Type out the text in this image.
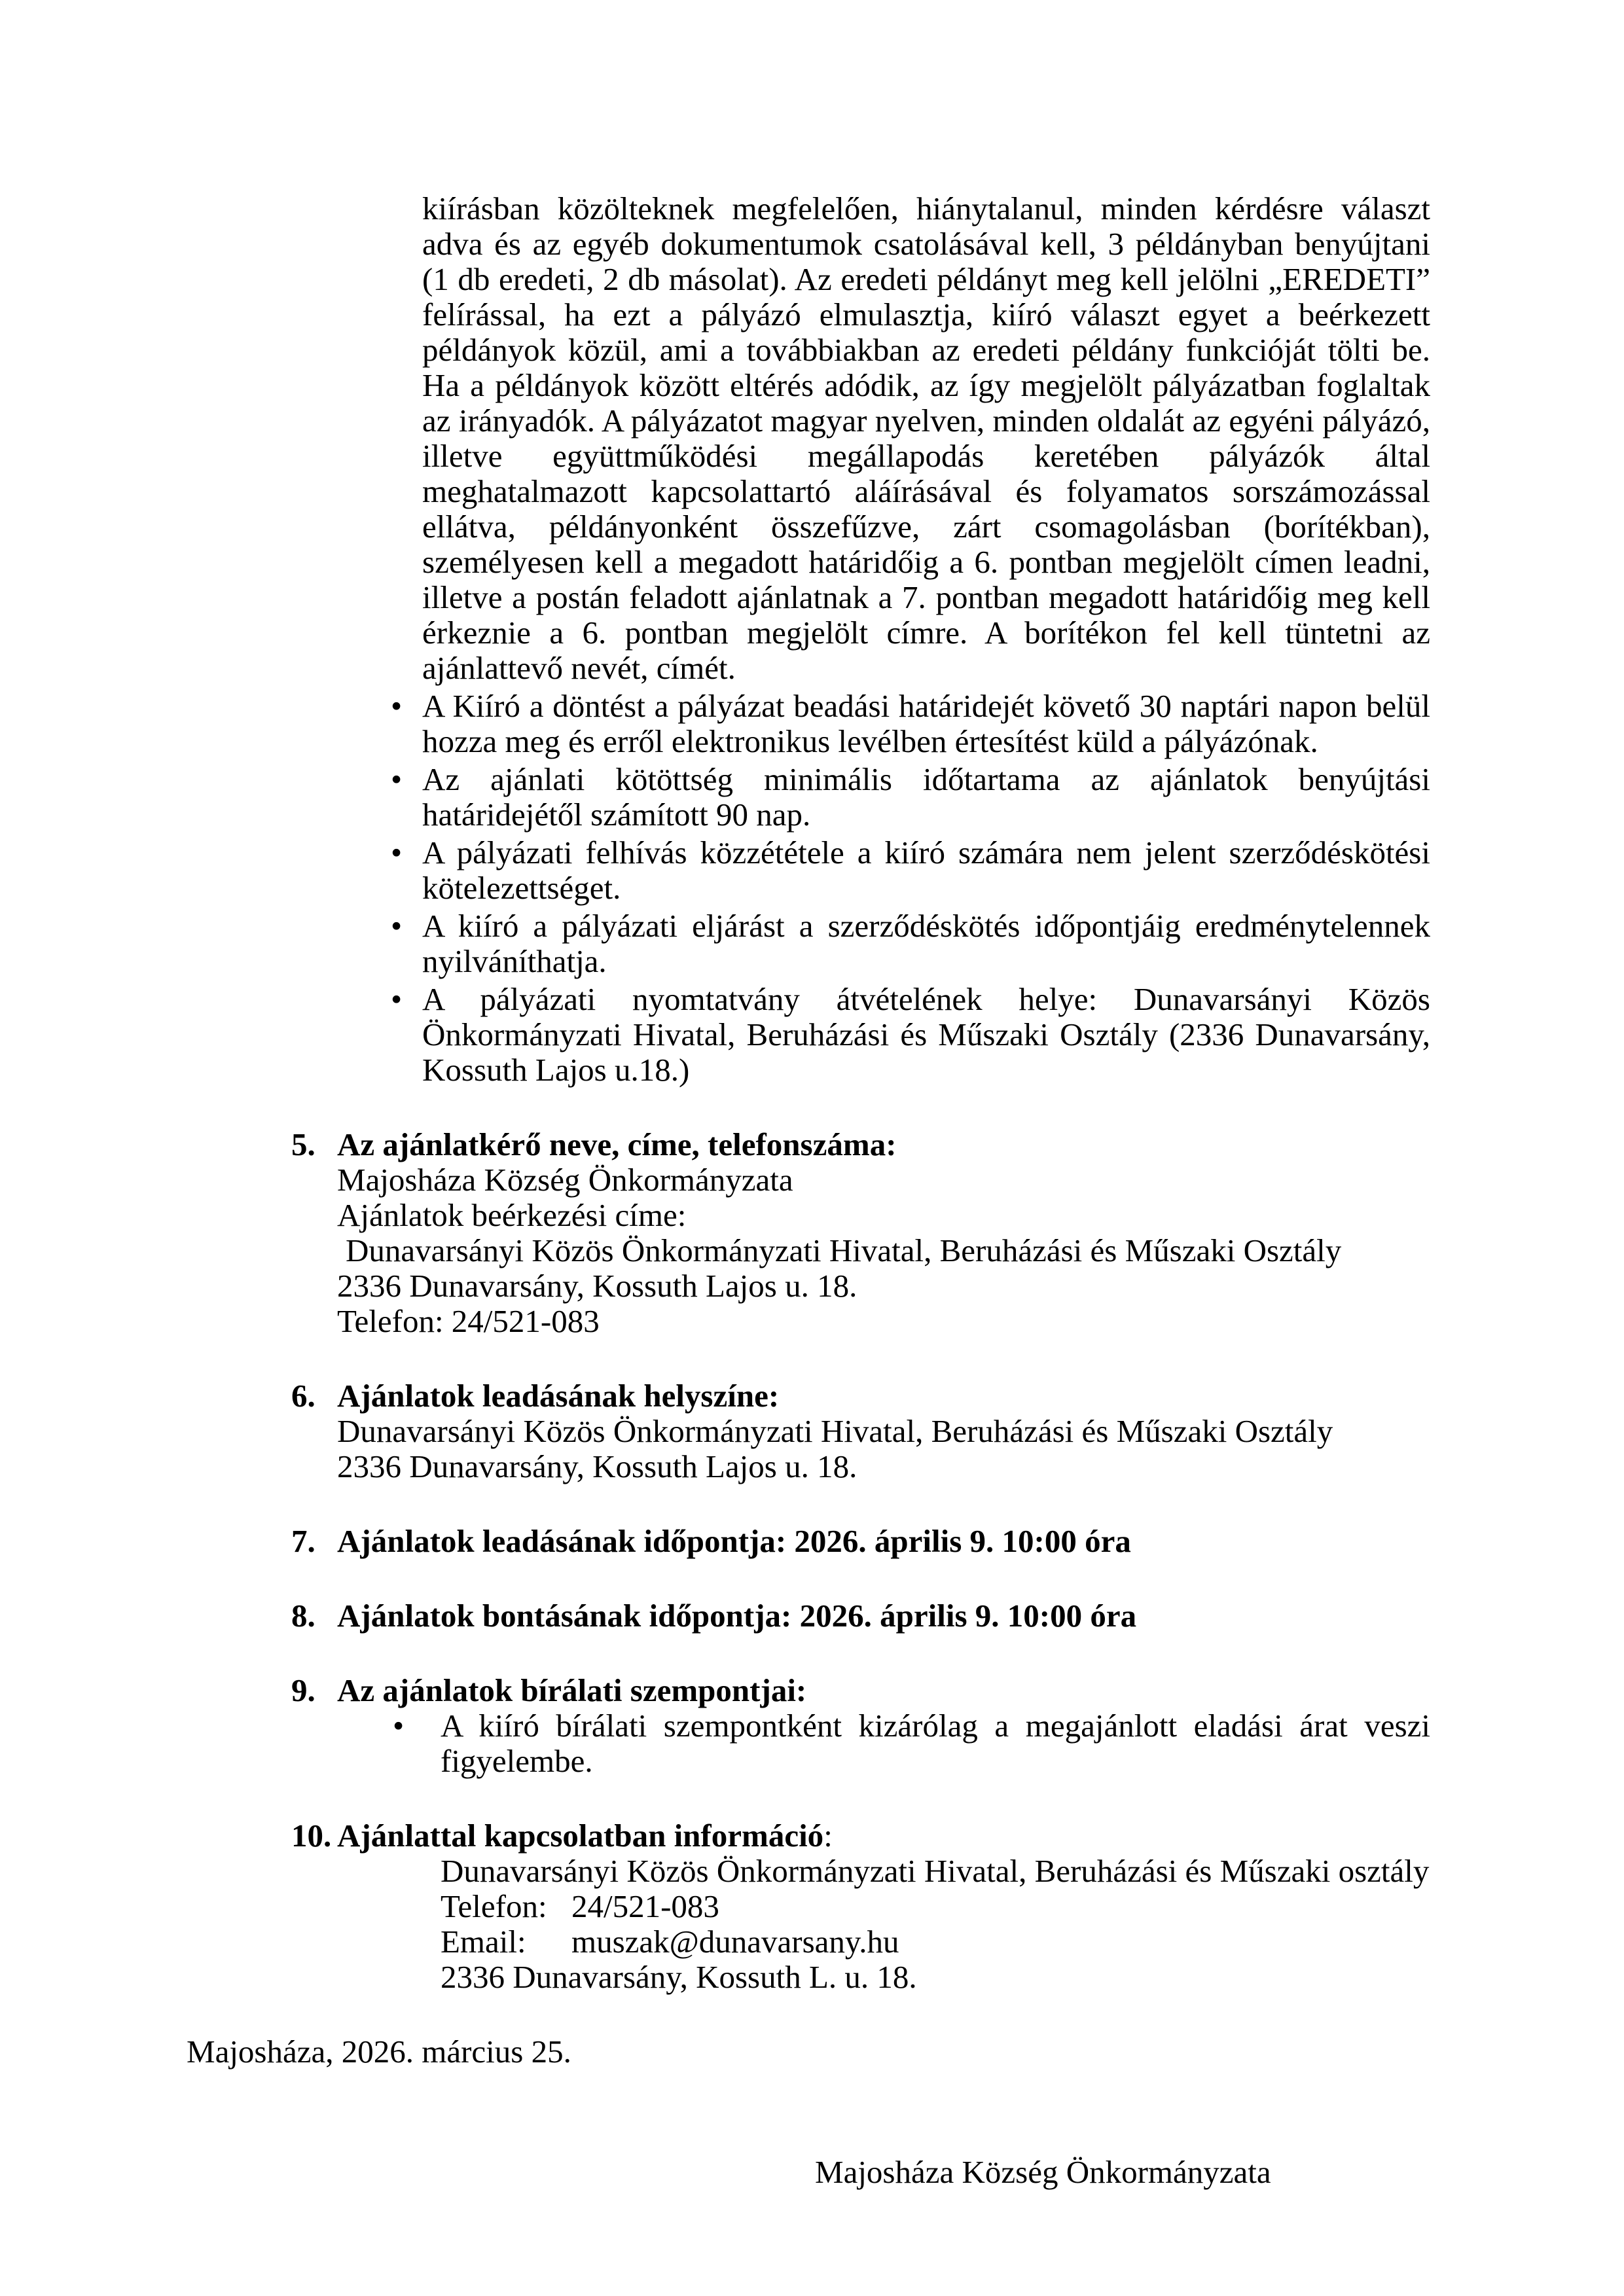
kiírásban közölteknek megfelelően, hiánytalanul, minden kérdésre választ adva és az egyéb dokumentumok csatolásával kell, 3 példányban benyújtani (1 db eredeti, 2 db másolat). Az eredeti példányt meg kell jelölni „EREDETI” felírással, ha ezt a pályázó elmulasztja, kiíró választ egyet a beérkezett példányok közül, ami a továbbiakban az eredeti példány funkcióját tölti be. Ha a példányok között eltérés adódik, az így megjelölt pályázatban foglaltak az irányadók. A pályázatot magyar nyelven, minden oldalát az egyéni pályázó, illetve együttműködési megállapodás keretében pályázók által meghatalmazott kapcsolattartó aláírásával és folyamatos sorszámozással ellátva, példányonként összefűzve, zárt csomagolásban (borítékban), személyesen kell a megadott határidőig a 6. pontban megjelölt címen leadni, illetve a postán feladott ajánlatnak a 7. pontban megadott határidőig meg kell érkeznie a 6. pontban megjelölt címre. A borítékon fel kell tüntetni az ajánlattevő nevét, címét.
• A Kiíró a döntést a pályázat beadási határidejét követő 30 naptári napon belül hozza meg és erről elektronikus levélben értesítést küld a pályázónak.
• Az ajánlati kötöttség minimális időtartama az ajánlatok benyújtási határidejétől számított 90 nap.
• A pályázati felhívás közzététele a kiíró számára nem jelent szerződéskötési kötelezettséget.
• A kiíró a pályázati eljárást a szerződéskötés időpontjáig eredménytelennek nyilváníthatja.
• A pályázati nyomtatvány átvételének helye: Dunavarsányi Közös Önkormányzati Hivatal, Beruházási és Műszaki Osztály (2336 Dunavarsány, Kossuth Lajos u.18.)
5. Az ajánlatkérő neve, címe, telefonszáma:
Majosháza Község Önkormányzata
Ajánlatok beérkezési címe:
Dunavarsányi Közös Önkormányzati Hivatal, Beruházási és Műszaki Osztály
2336 Dunavarsány, Kossuth Lajos u. 18.
Telefon: 24/521-083
6. Ajánlatok leadásának helyszíne:
Dunavarsányi Közös Önkormányzati Hivatal, Beruházási és Műszaki Osztály
2336 Dunavarsány, Kossuth Lajos u. 18.
7. Ajánlatok leadásának időpontja: 2026. április 9. 10:00 óra
8. Ajánlatok bontásának időpontja: 2026. április 9. 10:00 óra
9. Az ajánlatok bírálati szempontjai:
• A kiíró bírálati szempontként kizárólag a megajánlott eladási árat veszi figyelembe.
10. Ajánlattal kapcsolatban információ:
Dunavarsányi Közös Önkormányzati Hivatal, Beruházási és Műszaki osztály
Telefon: 24/521-083
Email: muszak@dunavarsany.hu
2336 Dunavarsány, Kossuth L. u. 18.
Majosháza, 2026. március 25.
Majosháza Község Önkormányzata
